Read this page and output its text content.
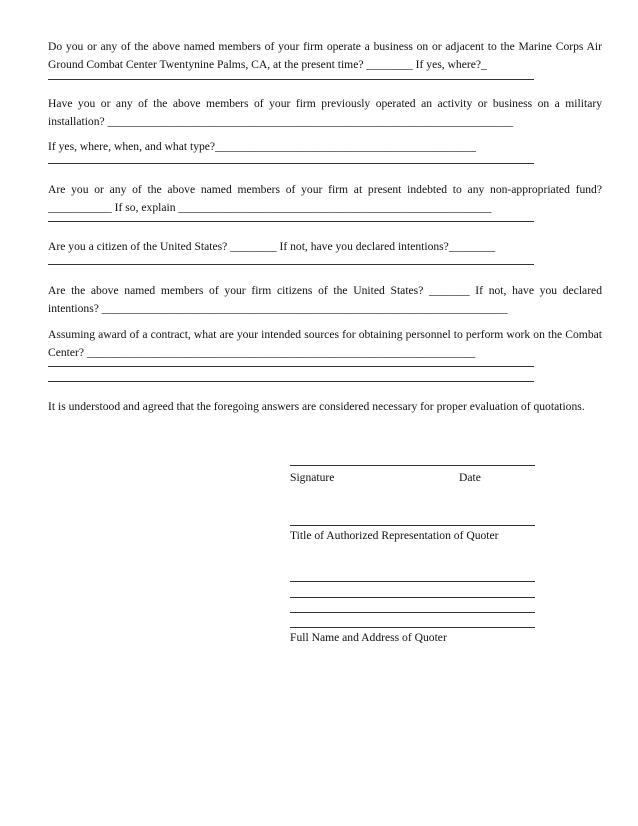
Do you or any of the above named members of your firm operate a business on or adjacent to the Marine Corps Air Ground Combat Center Twentynine Palms, CA, at the present time? ________ If yes, where?_

Have you or any of the above members of your firm previously operated an activity or business on a military installation? ______________________________________________________________________

If yes, where, when, and what type?_____________________________________________

Are you or any of the above named members of your firm at present indebted to any non-appropriated fund?___________ If so, explain ______________________________________________________

Are you a citizen of the United States? ________ If not, have you declared intentions?________

Are the above named members of your firm citizens of the United States? _______ If not, have you declared intentions? ______________________________________________________________________

Assuming award of a contract, what are your intended sources for obtaining personnel to perform work on the Combat Center? ___________________________________________________________________

It is understood and agreed that the foregoing answers are considered necessary for proper evaluation of quotations.

Signature	Date
Title of Authorized Representation of Quoter
Full Name and Address of Quoter
